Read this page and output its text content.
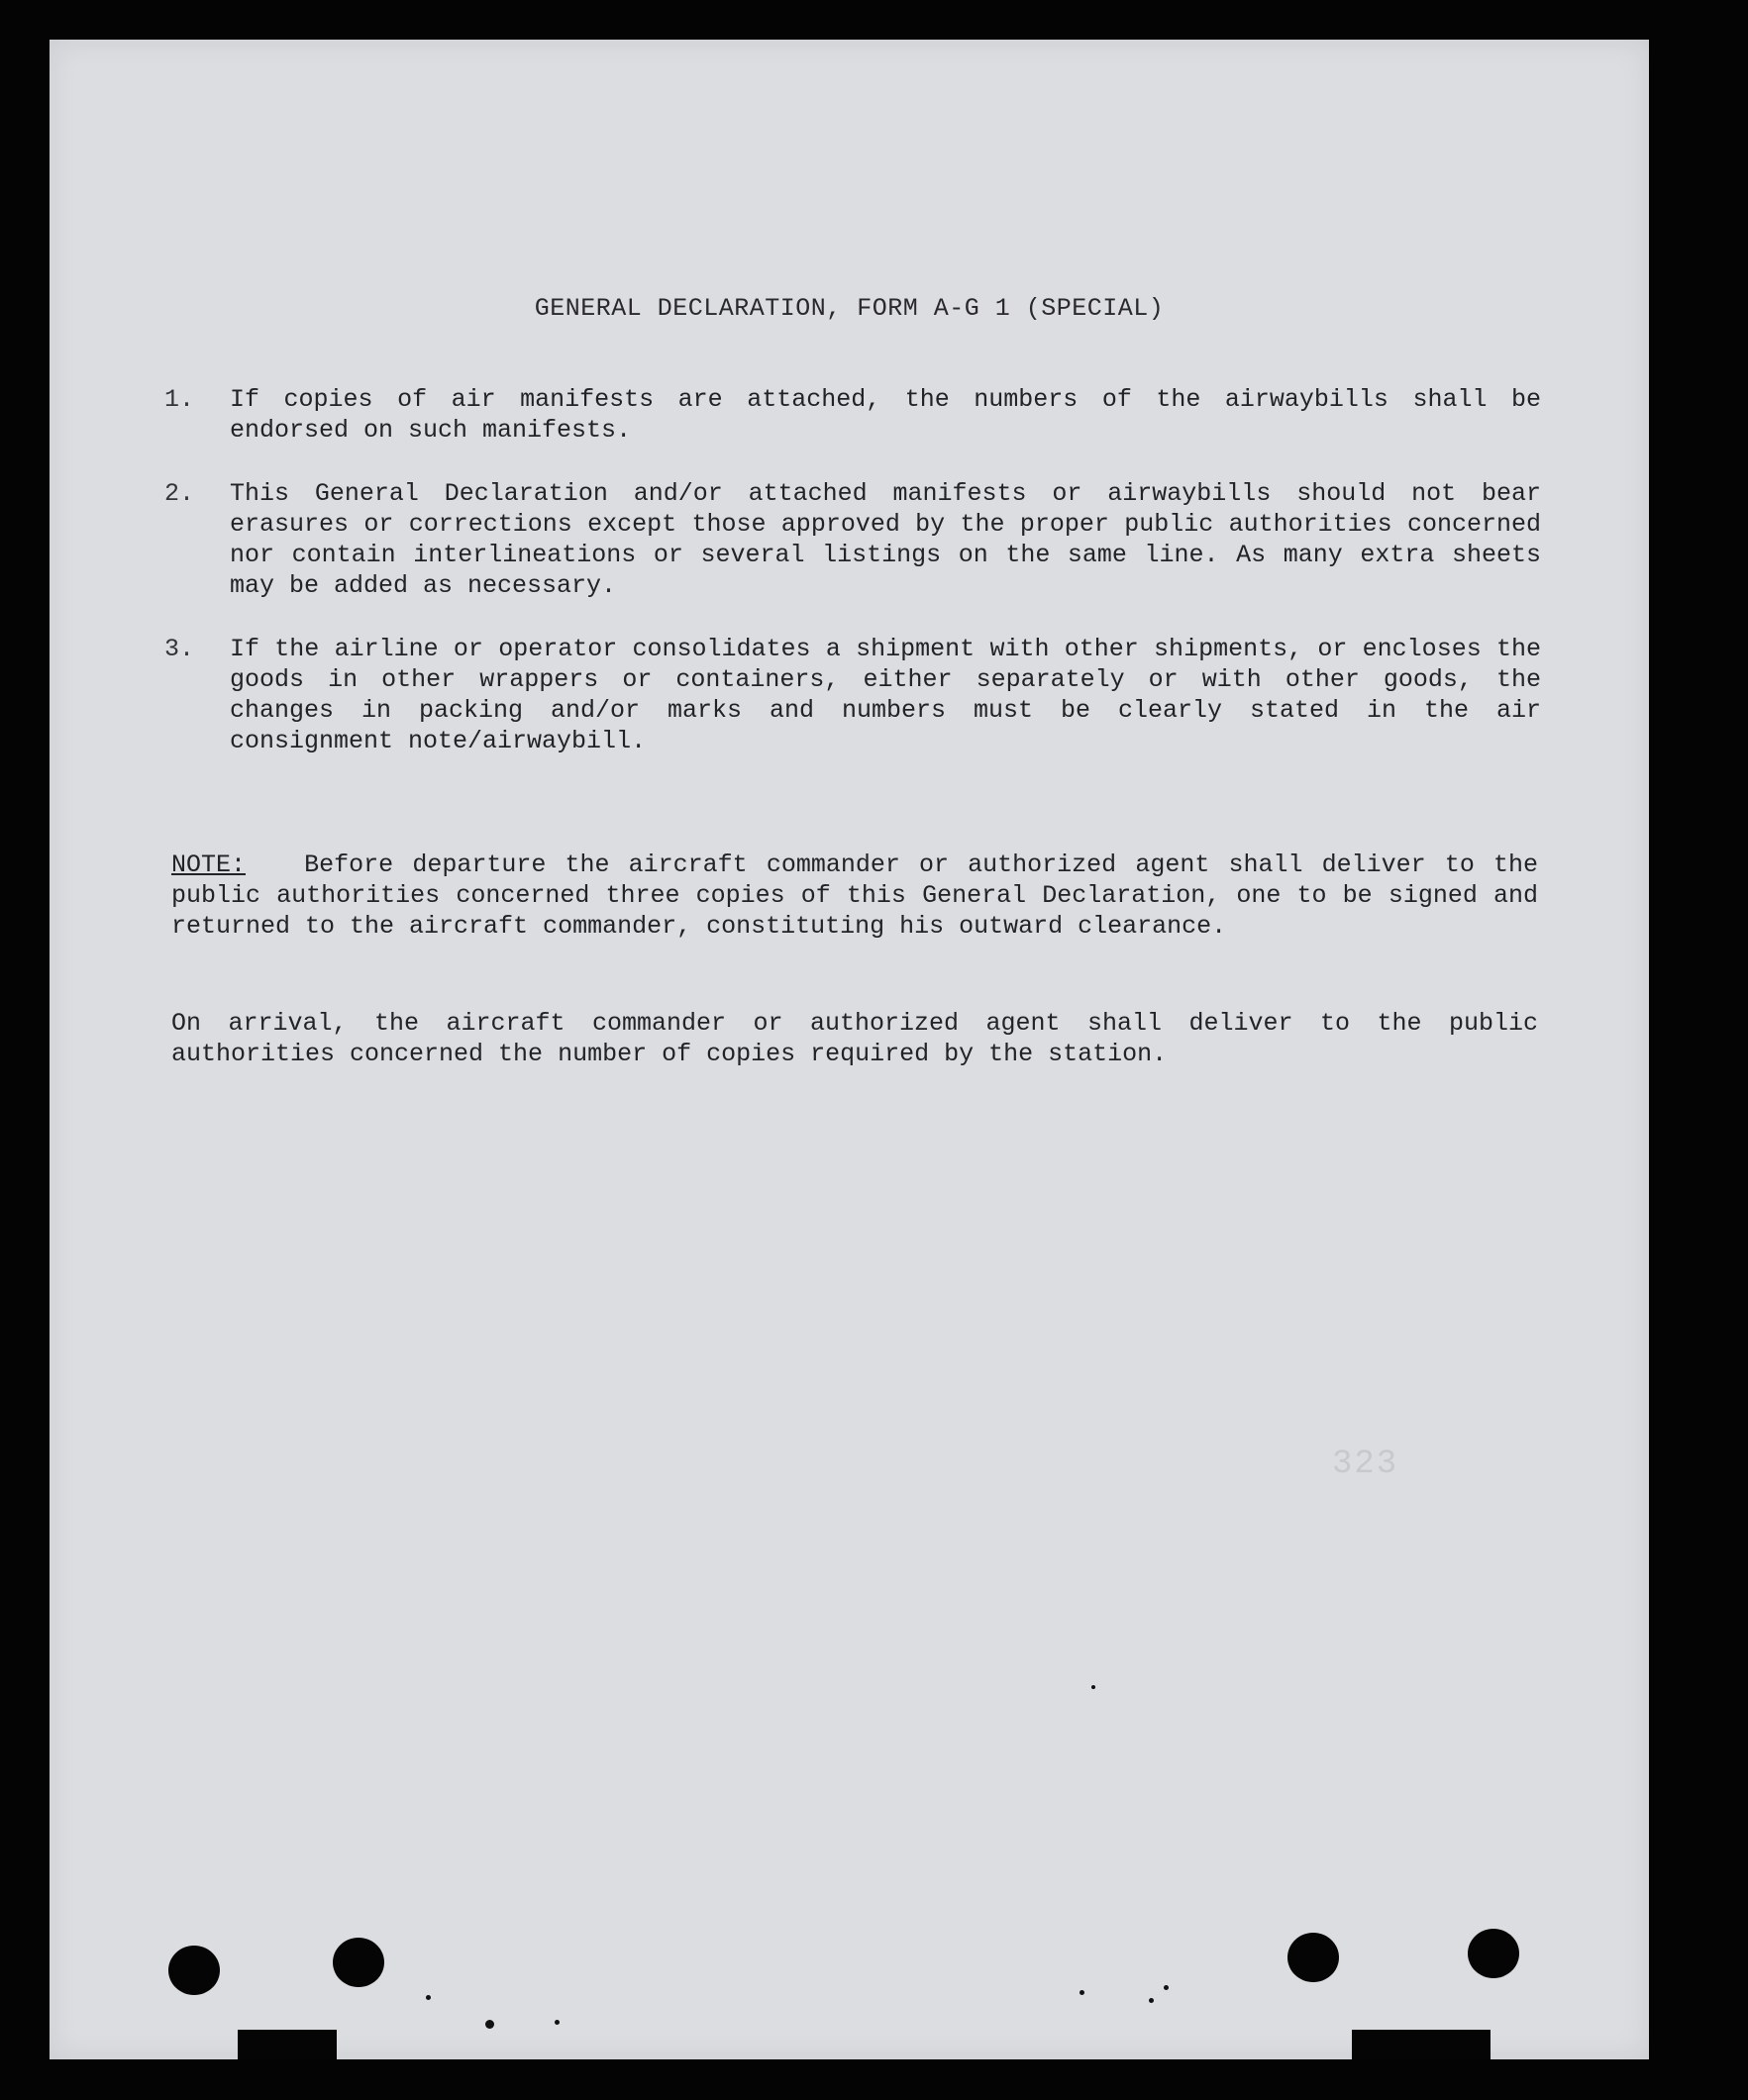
GENERAL DECLARATION, FORM A-G 1 (SPECIAL)
1.	If copies of air manifests are attached, the numbers of the airwaybills shall be endorsed on such manifests.
2.	This General Declaration and/or attached manifests or airwaybills should not bear erasures or corrections except those approved by the proper public authorities concerned nor contain interlineations or several listings on the same line. As many extra sheets may be added as necessary.
3.	If the airline or operator consolidates a shipment with other shipments, or encloses the goods in other wrappers or containers, either separately or with other goods, the changes in packing and/or marks and numbers must be clearly stated in the air consignment note/airwaybill.
NOTE: Before departure the aircraft commander or authorized agent shall deliver to the public authorities concerned three copies of this General Declaration, one to be signed and returned to the aircraft commander, constituting his outward clearance.
On arrival, the aircraft commander or authorized agent shall deliver to the public authorities concerned the number of copies required by the station.
323
